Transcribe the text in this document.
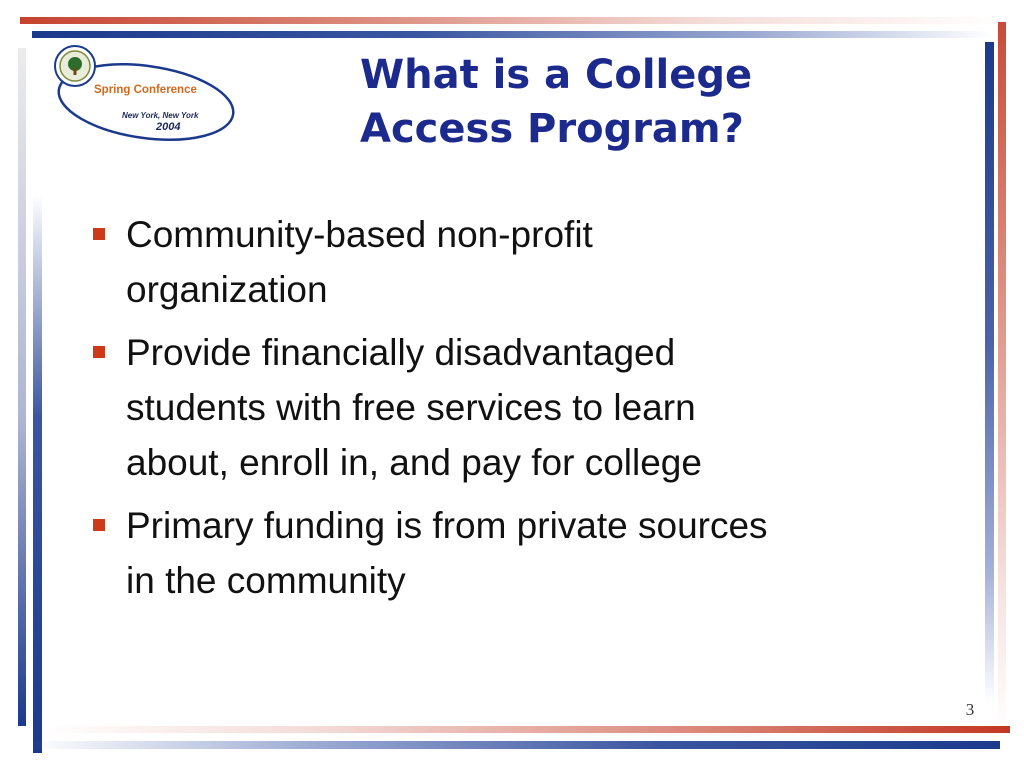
Spring Conference
New York, New York
2004
What is a College
Access Program?
Community-based non-profit
organization
Provide financially disadvantaged
students with free services to learn
about, enroll in, and pay for college
Primary funding is from private sources
in the community
3
